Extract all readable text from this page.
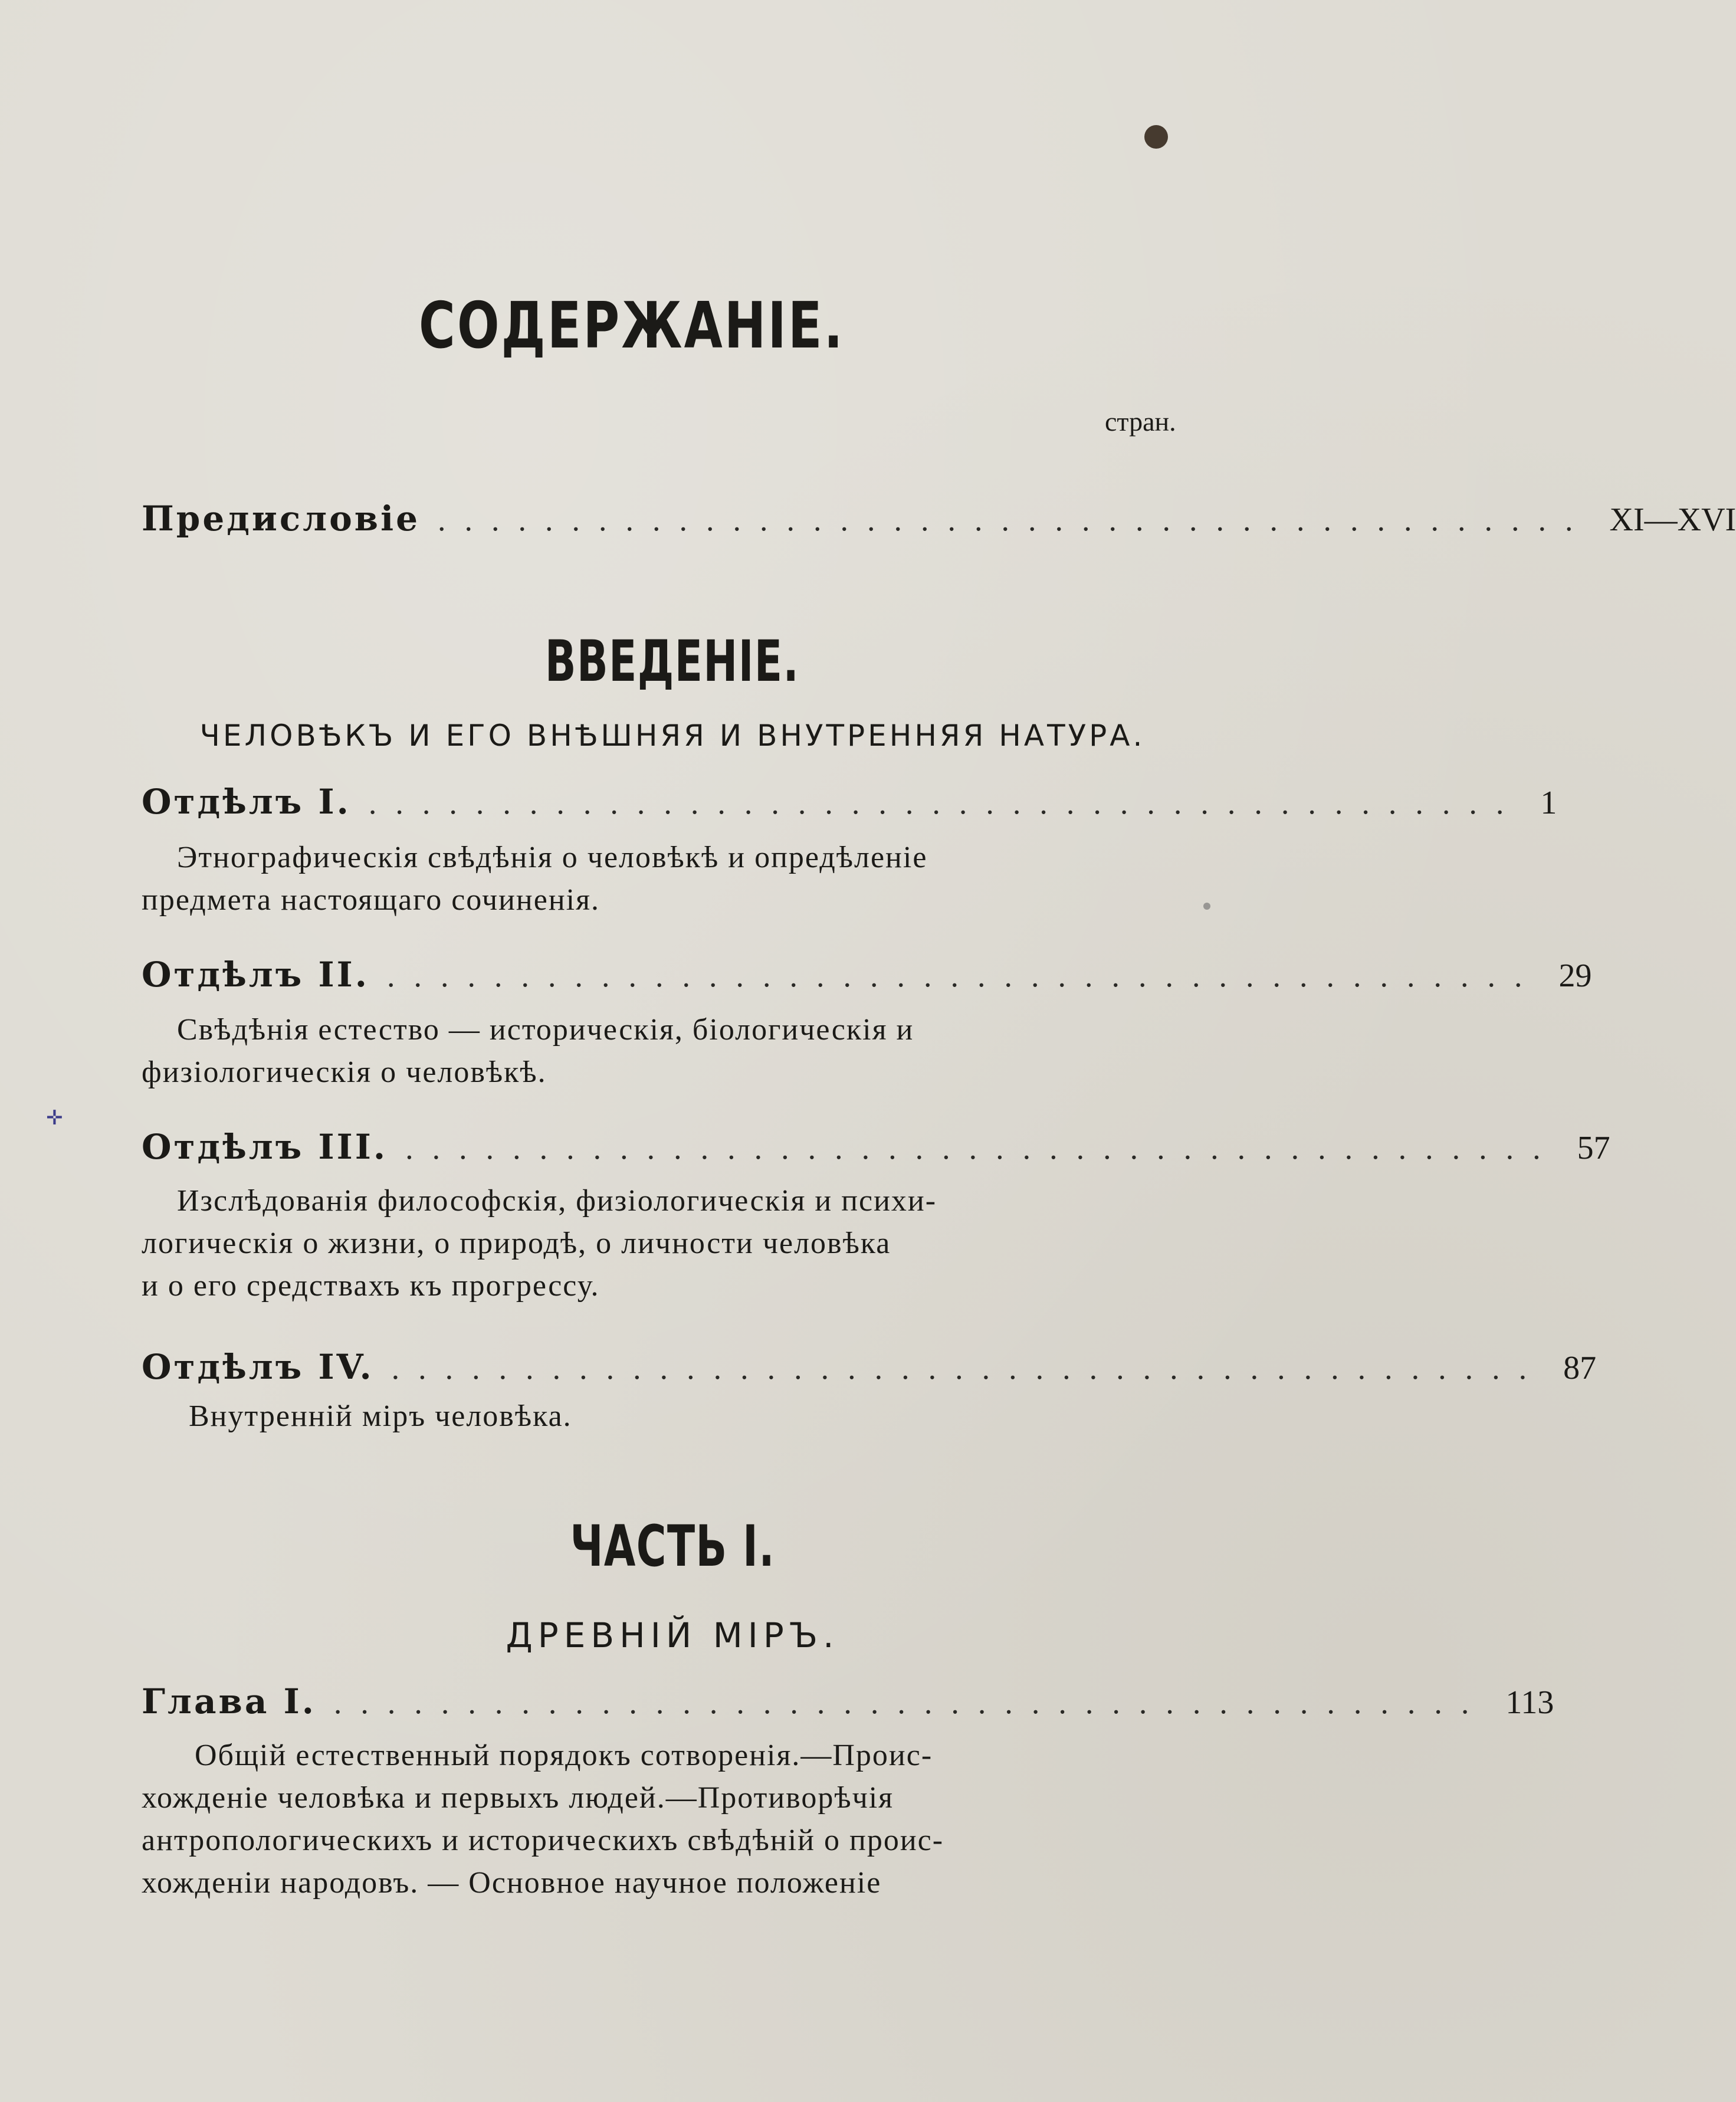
✛
СОДЕРЖАНІЕ.
стран.
Предисловіе ........................................... XI—XVI
ВВЕДЕНІЕ.
ЧЕЛОВѢКЪ И ЕГО ВНѢШНЯЯ И ВНУТРЕННЯЯ НАТУРА.
Отдѣлъ I. ........................................... 1
Этнографическія свѣдѣнія о человѣкѣ и опредѣленіе
предмета настоящаго сочиненія.
Отдѣлъ II. ........................................... 29
Свѣдѣнія естество — историческія, біологическія и
физіологическія о человѣкѣ.
Отдѣлъ III. ........................................... 57
Изслѣдованія философскія, физіологическія и психи-
логическія о жизни, о природѣ, о личности человѣка
и о его средствахъ къ прогрессу.
Отдѣлъ IV. ........................................... 87
Внутренній міръ человѣка.
ЧАСТЬ I.
ДРЕВНІЙ МІРЪ.
Глава I. ........................................... 113
Общій естественный порядокъ сотворенія.—Проис-
хожденіе человѣка и первыхъ людей.—Противорѣчія
антропологическихъ и историческихъ свѣдѣній о проис-
хожденіи народовъ. — Основное научное положеніе
